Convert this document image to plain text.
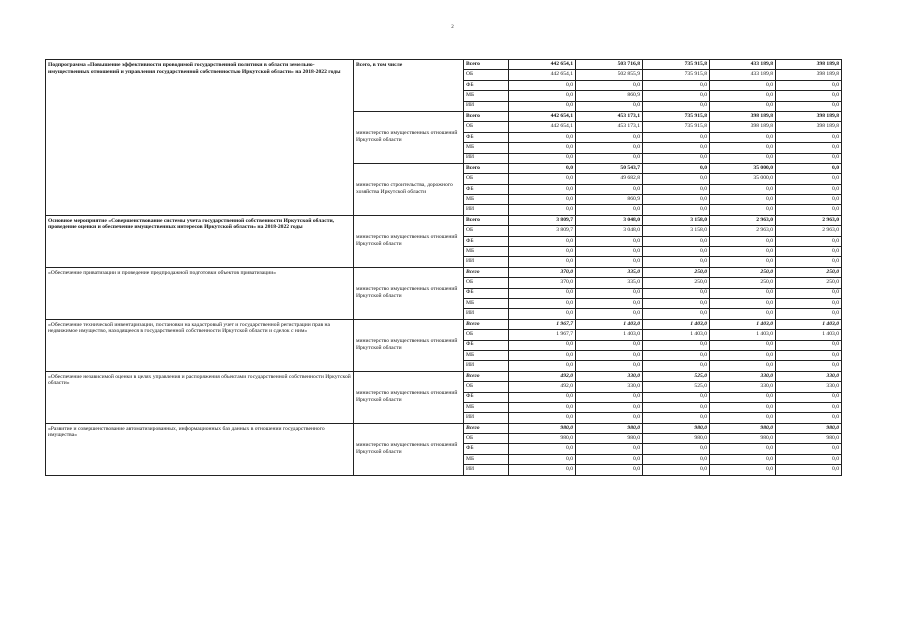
2
Подпрограмма «Повышение эффективности проводимой государственной политики в области земельно-имущественных отношений и управления государственной собственностью Иркутской области» на 2018-2022 годы	Всего, в том числе	Всего	442 654,1	503 716,8	735 915,8	433 189,8	398 189,8
		ОБ	442 654,1	502 855,9	735 915,8	433 189,8	398 189,8
		ФБ	0,0	0,0	0,0	0,0	0,0
		МБ	0,0	860,9	0,0	0,0	0,0
		ИИ	0,0	0,0	0,0	0,0	0,0
	министерство имущественных отношений Иркутской области	Всего	442 654,1	453 173,1	735 915,8	398 189,8	398 189,8
		ОБ	442 654,1	453 173,1	735 915,8	398 189,8	398 189,8
		ФБ	0,0	0,0	0,0	0,0	0,0
		МБ	0,0	0,0	0,0	0,0	0,0
		ИИ	0,0	0,0	0,0	0,0	0,0
	министерство строительства, дорожного хозяйства Иркутской области	Всего	0,0	50 543,7	0,0	35 000,0	0,0
		ОБ	0,0	49 682,8	0,0	35 000,0	0,0
		ФБ	0,0	0,0	0,0	0,0	0,0
		МБ	0,0	860,9	0,0	0,0	0,0
		ИИ	0,0	0,0	0,0	0,0	0,0
Основное мероприятие «Совершенствование системы учета государственной собственности Иркутской области, проведение оценки и обеспечение имущественных интересов Иркутской области» на 2018-2022 годы	министерство имущественных отношений Иркутской области	Всего	3 809,7	3 048,0	3 158,0	2 963,0	2 963,0
		ОБ	3 809,7	3 048,0	3 158,0	2 963,0	2 963,0
		ФБ	0,0	0,0	0,0	0,0	0,0
		МБ	0,0	0,0	0,0	0,0	0,0
		ИИ	0,0	0,0	0,0	0,0	0,0
«Обеспечение приватизации и проведение предпродажной подготовки объектов приватизации»	министерство имущественных отношений Иркутской области	Всего	370,0	335,0	250,0	250,0	250,0
		ОБ	370,0	335,0	250,0	250,0	250,0
		ФБ	0,0	0,0	0,0	0,0	0,0
		МБ	0,0	0,0	0,0	0,0	0,0
		ИИ	0,0	0,0	0,0	0,0	0,0
«Обеспечение технической инвентаризации, постановки на кадастровый учет и государственной регистрации прав на недвижимое имущество, находящееся в государственной собственности Иркутской области и сделок с ним»	министерство имущественных отношений Иркутской области	Всего	1 967,7	1 403,0	1 403,0	1 403,0	1 403,0
		ОБ	1 967,7	1 403,0	1 403,0	1 403,0	1 403,0
		ФБ	0,0	0,0	0,0	0,0	0,0
		МБ	0,0	0,0	0,0	0,0	0,0
		ИИ	0,0	0,0	0,0	0,0	0,0
«Обеспечение независимой оценки в целях управления и распоряжения объектами государственной собственности Иркутской области»	министерство имущественных отношений Иркутской области	Всего	492,0	330,0	525,0	330,0	330,0
		ОБ	492,0	330,0	525,0	330,0	330,0
		ФБ	0,0	0,0	0,0	0,0	0,0
		МБ	0,0	0,0	0,0	0,0	0,0
		ИИ	0,0	0,0	0,0	0,0	0,0
«Развитие и совершенствование автоматизированных, информационных баз данных в отношении государственного имущества»	министерство имущественных отношений Иркутской области	Всего	980,0	980,0	980,0	980,0	980,0
		ОБ	980,0	980,0	980,0	980,0	980,0
		ФБ	0,0	0,0	0,0	0,0	0,0
		МБ	0,0	0,0	0,0	0,0	0,0
		ИИ	0,0	0,0	0,0	0,0	0,0
